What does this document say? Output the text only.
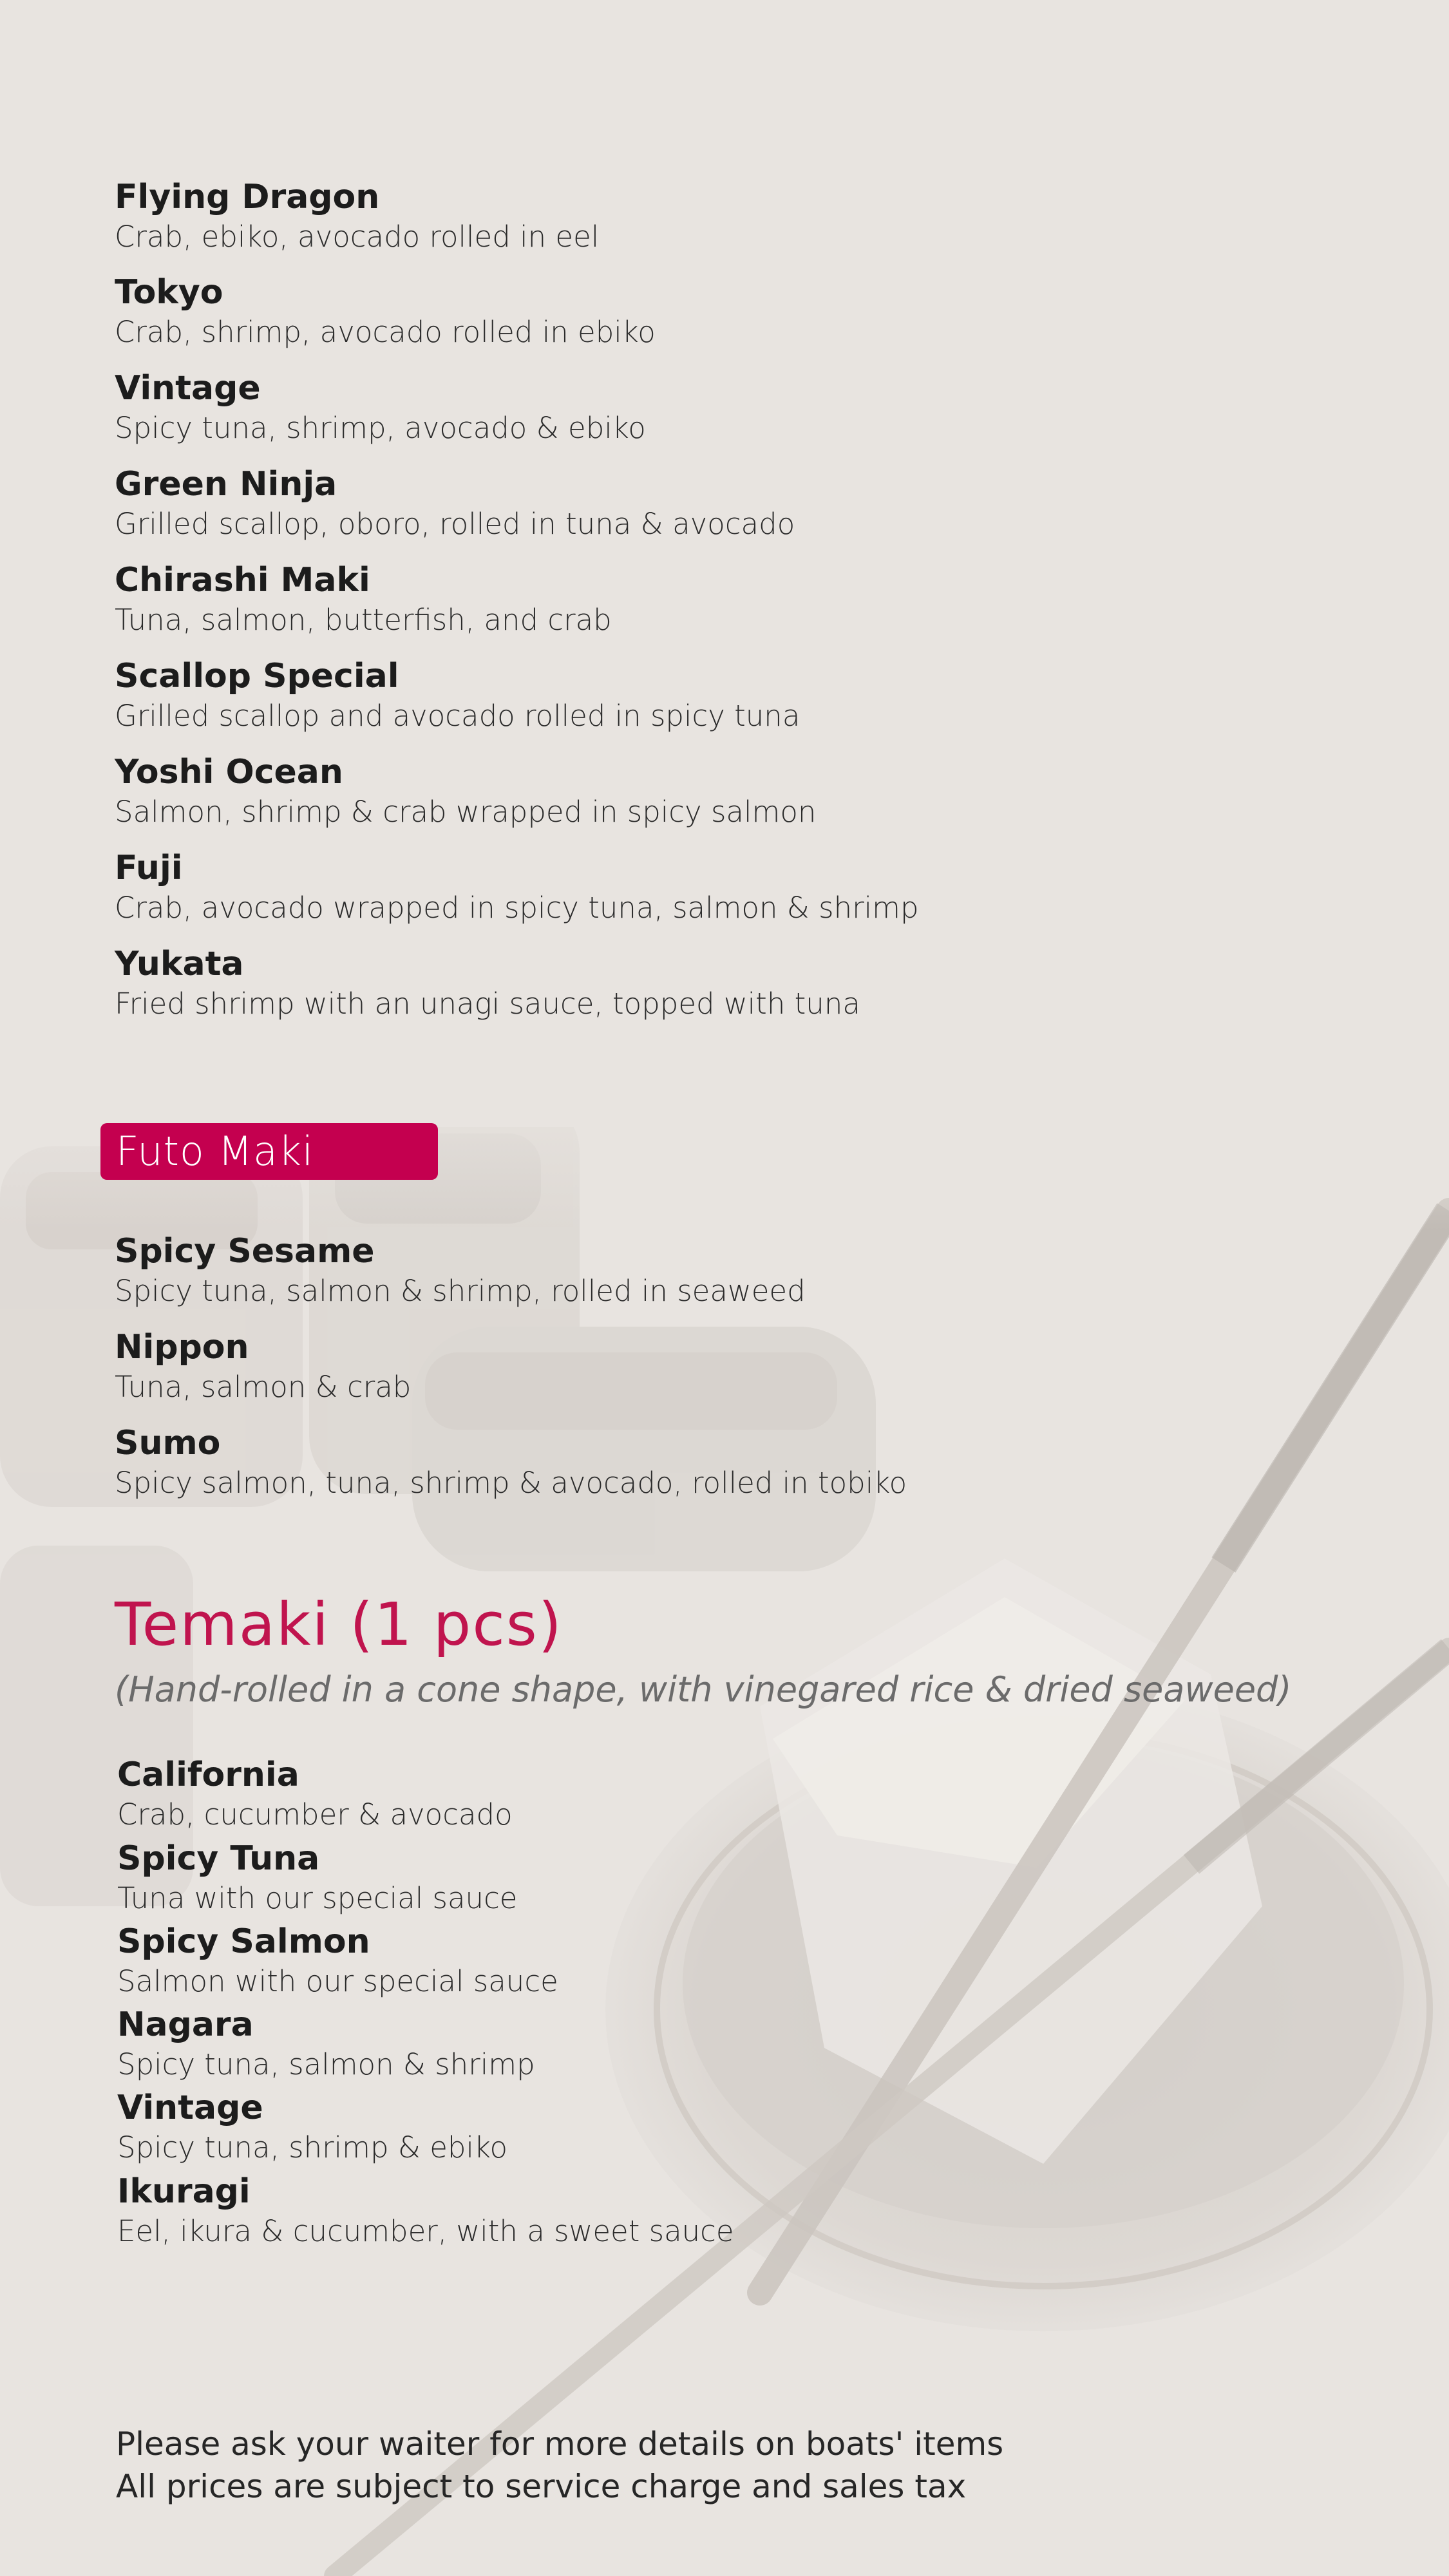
Flying Dragon
Crab, ebiko, avocado rolled in eel
Tokyo
Crab, shrimp, avocado rolled in ebiko
Vintage
Spicy tuna, shrimp, avocado & ebiko
Green Ninja
Grilled scallop, oboro, rolled in tuna & avocado
Chirashi Maki
Tuna, salmon, butterfish, and crab
Scallop Special
Grilled scallop and avocado rolled in spicy tuna
Yoshi Ocean
Salmon, shrimp & crab wrapped in spicy salmon
Fuji
Crab, avocado wrapped in spicy tuna, salmon & shrimp
Yukata
Fried shrimp with an unagi sauce, topped with tuna
Futo Maki
Spicy Sesame
Spicy tuna, salmon & shrimp, rolled in seaweed
Nippon
Tuna, salmon & crab
Sumo
Spicy salmon, tuna, shrimp & avocado, rolled in tobiko
Temaki (1 pcs)
(Hand-rolled in a cone shape, with vinegared rice & dried seaweed)
California
Crab, cucumber & avocado
Spicy Tuna
Tuna with our special sauce
Spicy Salmon
Salmon with our special sauce
Nagara
Spicy tuna, salmon & shrimp
Vintage
Spicy tuna, shrimp & ebiko
Ikuragi
Eel, ikura & cucumber, with a sweet sauce
Please ask your waiter for more details on boats' items
All prices are subject to service charge and sales tax
